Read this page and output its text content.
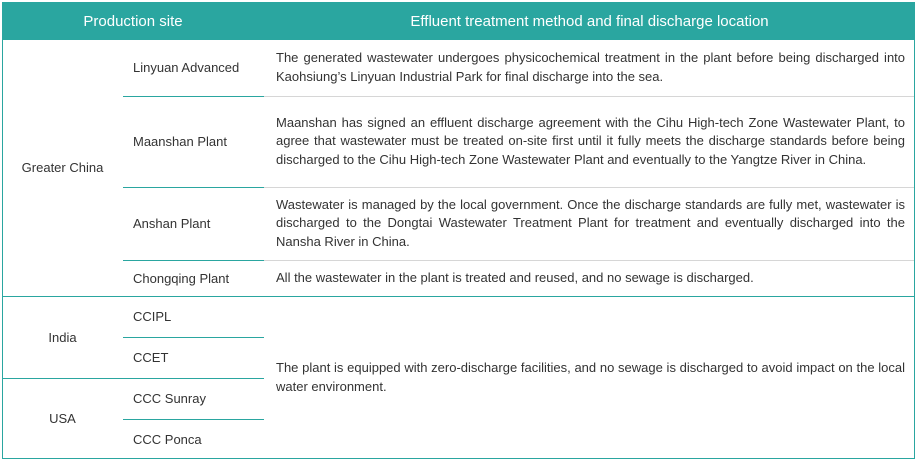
Production site		Effluent treatment method and final discharge location
Greater China	Linyuan Advanced	The generated wastewater undergoes physicochemical treatment in the plant before being discharged into Kaohsiung’s Linyuan Industrial Park for final discharge into the sea.
	Maanshan Plant	Maanshan has signed an effluent discharge agreement with the Cihu High-tech Zone Wastewater Plant, to agree that wastewater must be treated on-site first until it fully meets the discharge standards before being discharged to the Cihu High-tech Zone Wastewater Plant and eventually to the Yangtze River in China.
	Anshan Plant	Wastewater is managed by the local government. Once the discharge standards are fully met, wastewater is discharged to the Dongtai Wastewater Treatment Plant for treatment and eventually discharged into the Nansha River in China.
	Chongqing Plant	All the wastewater in the plant is treated and reused, and no sewage is discharged.
India	CCIPL	The plant is equipped with zero-discharge facilities, and no sewage is discharged to avoid impact on the local water environment.
	CCET	
USA	CCC Sunray	
	CCC Ponca	
